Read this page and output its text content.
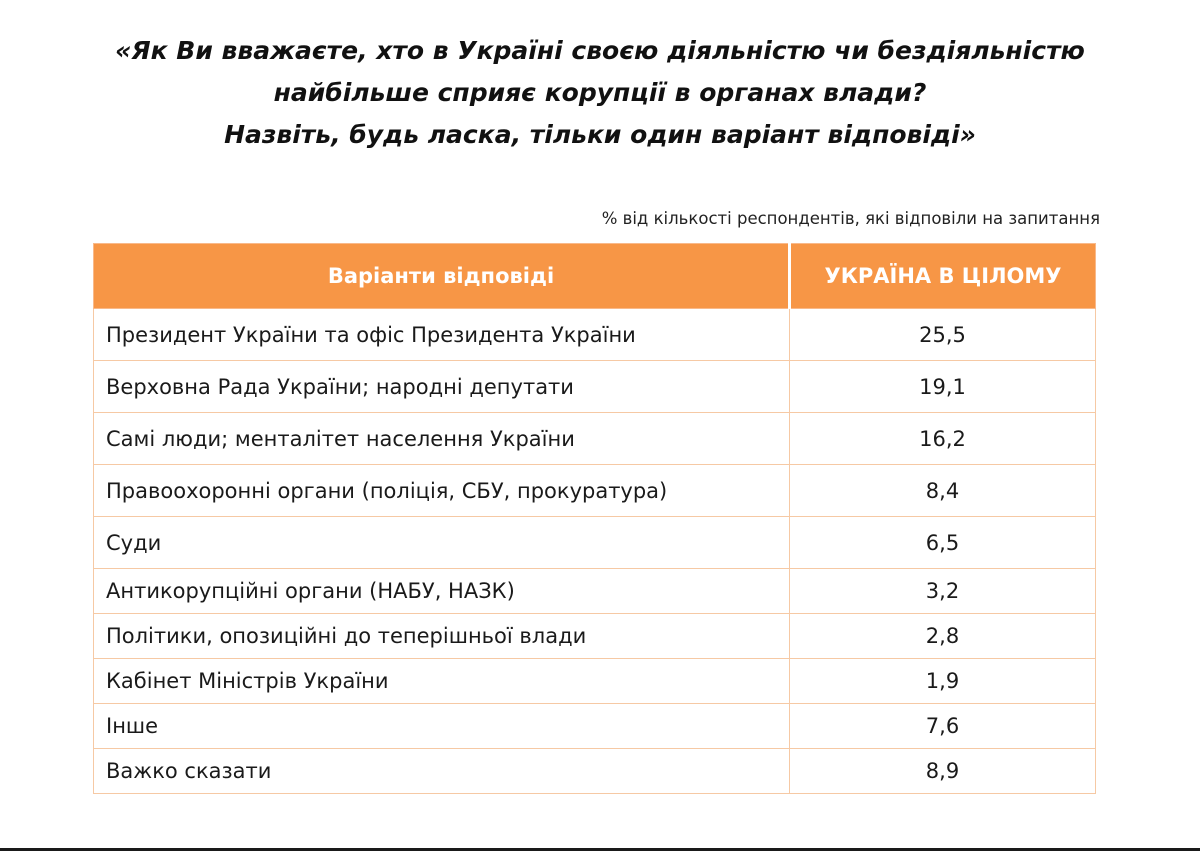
«Як Ви вважаєте, хто в Україні своєю діяльністю чи бездіяльністю
найбільше сприяє корупції в органах влади?
Назвіть, будь ласка, тільки один варіант відповіді»
% від кількості респондентів, які відповіли на запитання
Варіанти відповіді	УКРАЇНА В ЦІЛОМУ
Президент України та офіс Президента України	25,5
Верховна Рада України; народні депутати	19,1
Самі люди; менталітет населення України	16,2
Правоохоронні органи (поліція, СБУ, прокуратура)	8,4
Суди	6,5
Антикорупційні органи (НАБУ, НАЗК)	3,2
Політики, опозиційні до теперішньої влади	2,8
Кабінет Міністрів України	1,9
Інше	7,6
Важко сказати	8,9
